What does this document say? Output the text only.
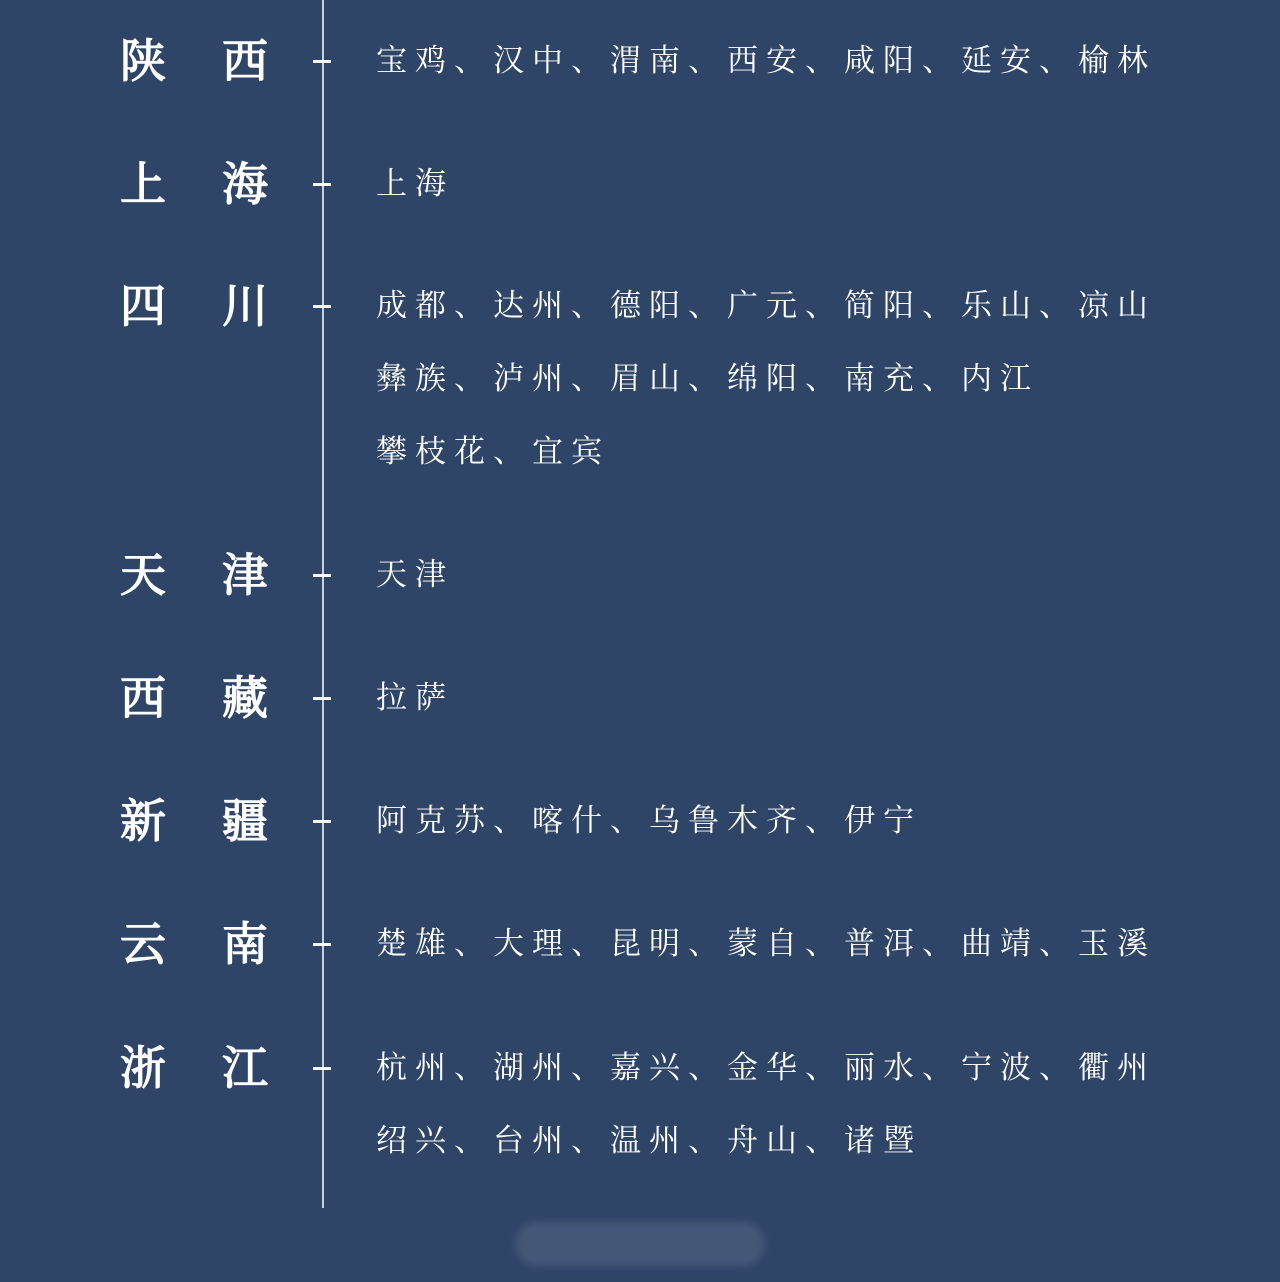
陕 西	宝鸡、汉中、渭南、西安、咸阳、延安、榆林
上 海	上海
四 川	成都、达州、德阳、广元、简阳、乐山、凉山
彝族、泸州、眉山、绵阳、南充、内江
攀枝花、宜宾
天 津	天津
西 藏	拉萨
新 疆	阿克苏、喀什、乌鲁木齐、伊宁
云 南	楚雄、大理、昆明、蒙自、普洱、曲靖、玉溪
浙 江	杭州、湖州、嘉兴、金华、丽水、宁波、衢州
绍兴、台州、温州、舟山、诸暨
